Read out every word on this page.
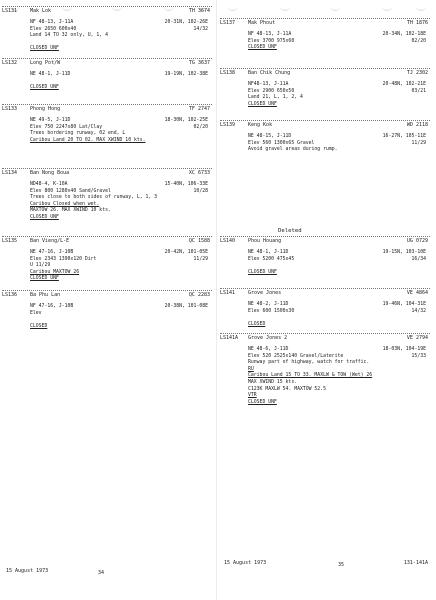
LS131	Mak Lok	TH 3674
NF 48-13, J-11A	20-31N, 102-26E
Elev 2650 600x40	14/32
Land 14 TO 32 only, U, 1, 4
CLOSED UNF
LS132	Long Pot/W	TG 3637
NE 48-1, J-11D	19-19N, 102-38E
CLOSED UNF
LS133	Phong Hong	TF 2747
NE 49-5, J-11D	18-30N, 102-25E
Elev 750 2247x80 Lat/Clay	02/20
Trees bordering runway, 02 end, L
Caribou Land 20 TO 02. MAX XWIND 10 kts.
LS134	Ban Nong Boua	XC 6733
ND48-4, K-10A	15-40N, 106-33E
Elev 800 1280x40 Sand/Gravel	10/28
Trees close to both sides of runway, L, 1, 3
Caribou Closed when wet.
MAXTOW 26. MAX XWIND 10 kts.
CLOSED UNF
LS135	Ban Vieng/L-E	QC 1588
NE 47-16, J-10B	20-42N, 101-05E
Elev 2343 1390x120 Dirt	11/29
U 11/29
Caribou MAXTOW 26
CLOSED UNF
LS136	Ba Phu Lan	QC 2283
NF 47-16, J-10B	20-38N, 101-08E
Elev
CLOSED
15 August 1973	34
LS137	Mak Phout	TH 1876
NF 48-13, J-11A	20-34N, 102-18E
Elev 3700 975x60	02/20
CLOSED UNF
LS138	Ban Chik Chung	TJ 2302
NF48-13, J-11A	20-48N, 102-21E
Elev 2900 650x50	03/21
Land 21, L, 1, 2, 4
CLOSED UNF
LS139	Keng Kok	WD 2118
NE 48-15, J-11D	16-27N, 105-11E
Elev 560 1300x65 Gravel	11/29
Avoid gravel areas during rump.
LS140	Phou Houang	UG 0729
NE 48-1, J-11D	19-15N, 103-10E
Elev 5200 475x45	16/34
CLOSED UNF
LS141	Grove Jones	VE 4864
NE 48-2, J-11D	19-46N, 104-31E
Elev 600 1500x30	14/32
CLOSED
LS141A Grove Jones 2	VE 2794
NE 48-6, J-11D	18-03N, 104-19E
Elev 520 2525x140 Gravel/Laterite	15/33
Runway part of highway, watch for traffic.
RU
Caribou Land 15 TO 33. MAXLW & TOW (Wet) 26
MAX XWIND 15 kts.
C123K MAXLW 54. MAXTOW 52.5
VTR
CLOSED UNF
Deleted
15 August 1973	35	131-141A
